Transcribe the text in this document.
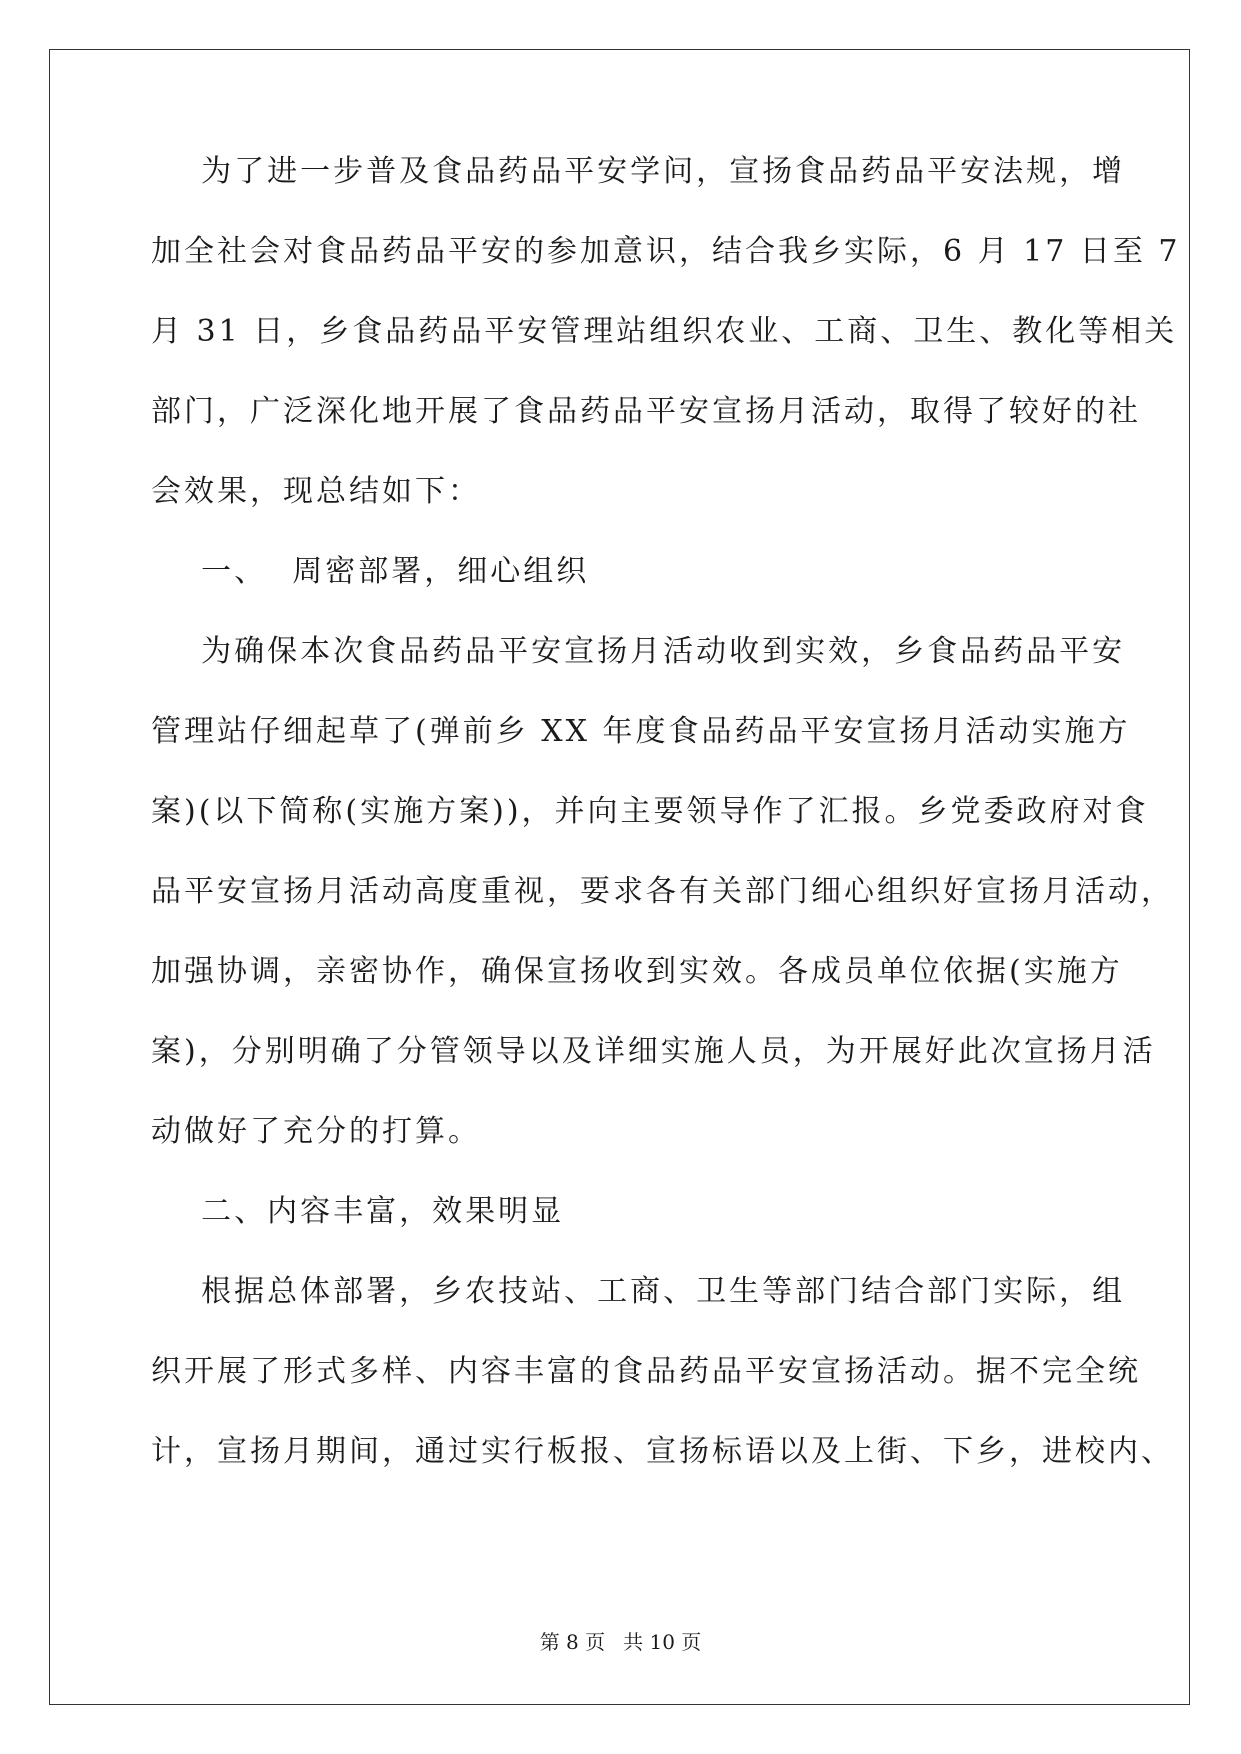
为了进一步普及食品药品平安学问，宣扬食品药品平安法规，增
加全社会对食品药品平安的参加意识，结合我乡实际，6 月 17 日至 7
月 31 日，乡食品药品平安管理站组织农业、工商、卫生、教化等相关
部门，广泛深化地开展了食品药品平安宣扬月活动，取得了较好的社
会效果，现总结如下：
一、  周密部署，细心组织
为确保本次食品药品平安宣扬月活动收到实效，乡食品药品平安
管理站仔细起草了(弹前乡 XX 年度食品药品平安宣扬月活动实施方
案)(以下简称(实施方案))，并向主要领导作了汇报。乡党委政府对食
品平安宣扬月活动高度重视，要求各有关部门细心组织好宣扬月活动，
加强协调，亲密协作，确保宣扬收到实效。各成员单位依据(实施方
案)，分别明确了分管领导以及详细实施人员，为开展好此次宣扬月活
动做好了充分的打算。
二、内容丰富，效果明显
根据总体部署，乡农技站、工商、卫生等部门结合部门实际，组
织开展了形式多样、内容丰富的食品药品平安宣扬活动。据不完全统
计，宣扬月期间，通过实行板报、宣扬标语以及上街、下乡，进校内、
第 8 页 共 10 页
